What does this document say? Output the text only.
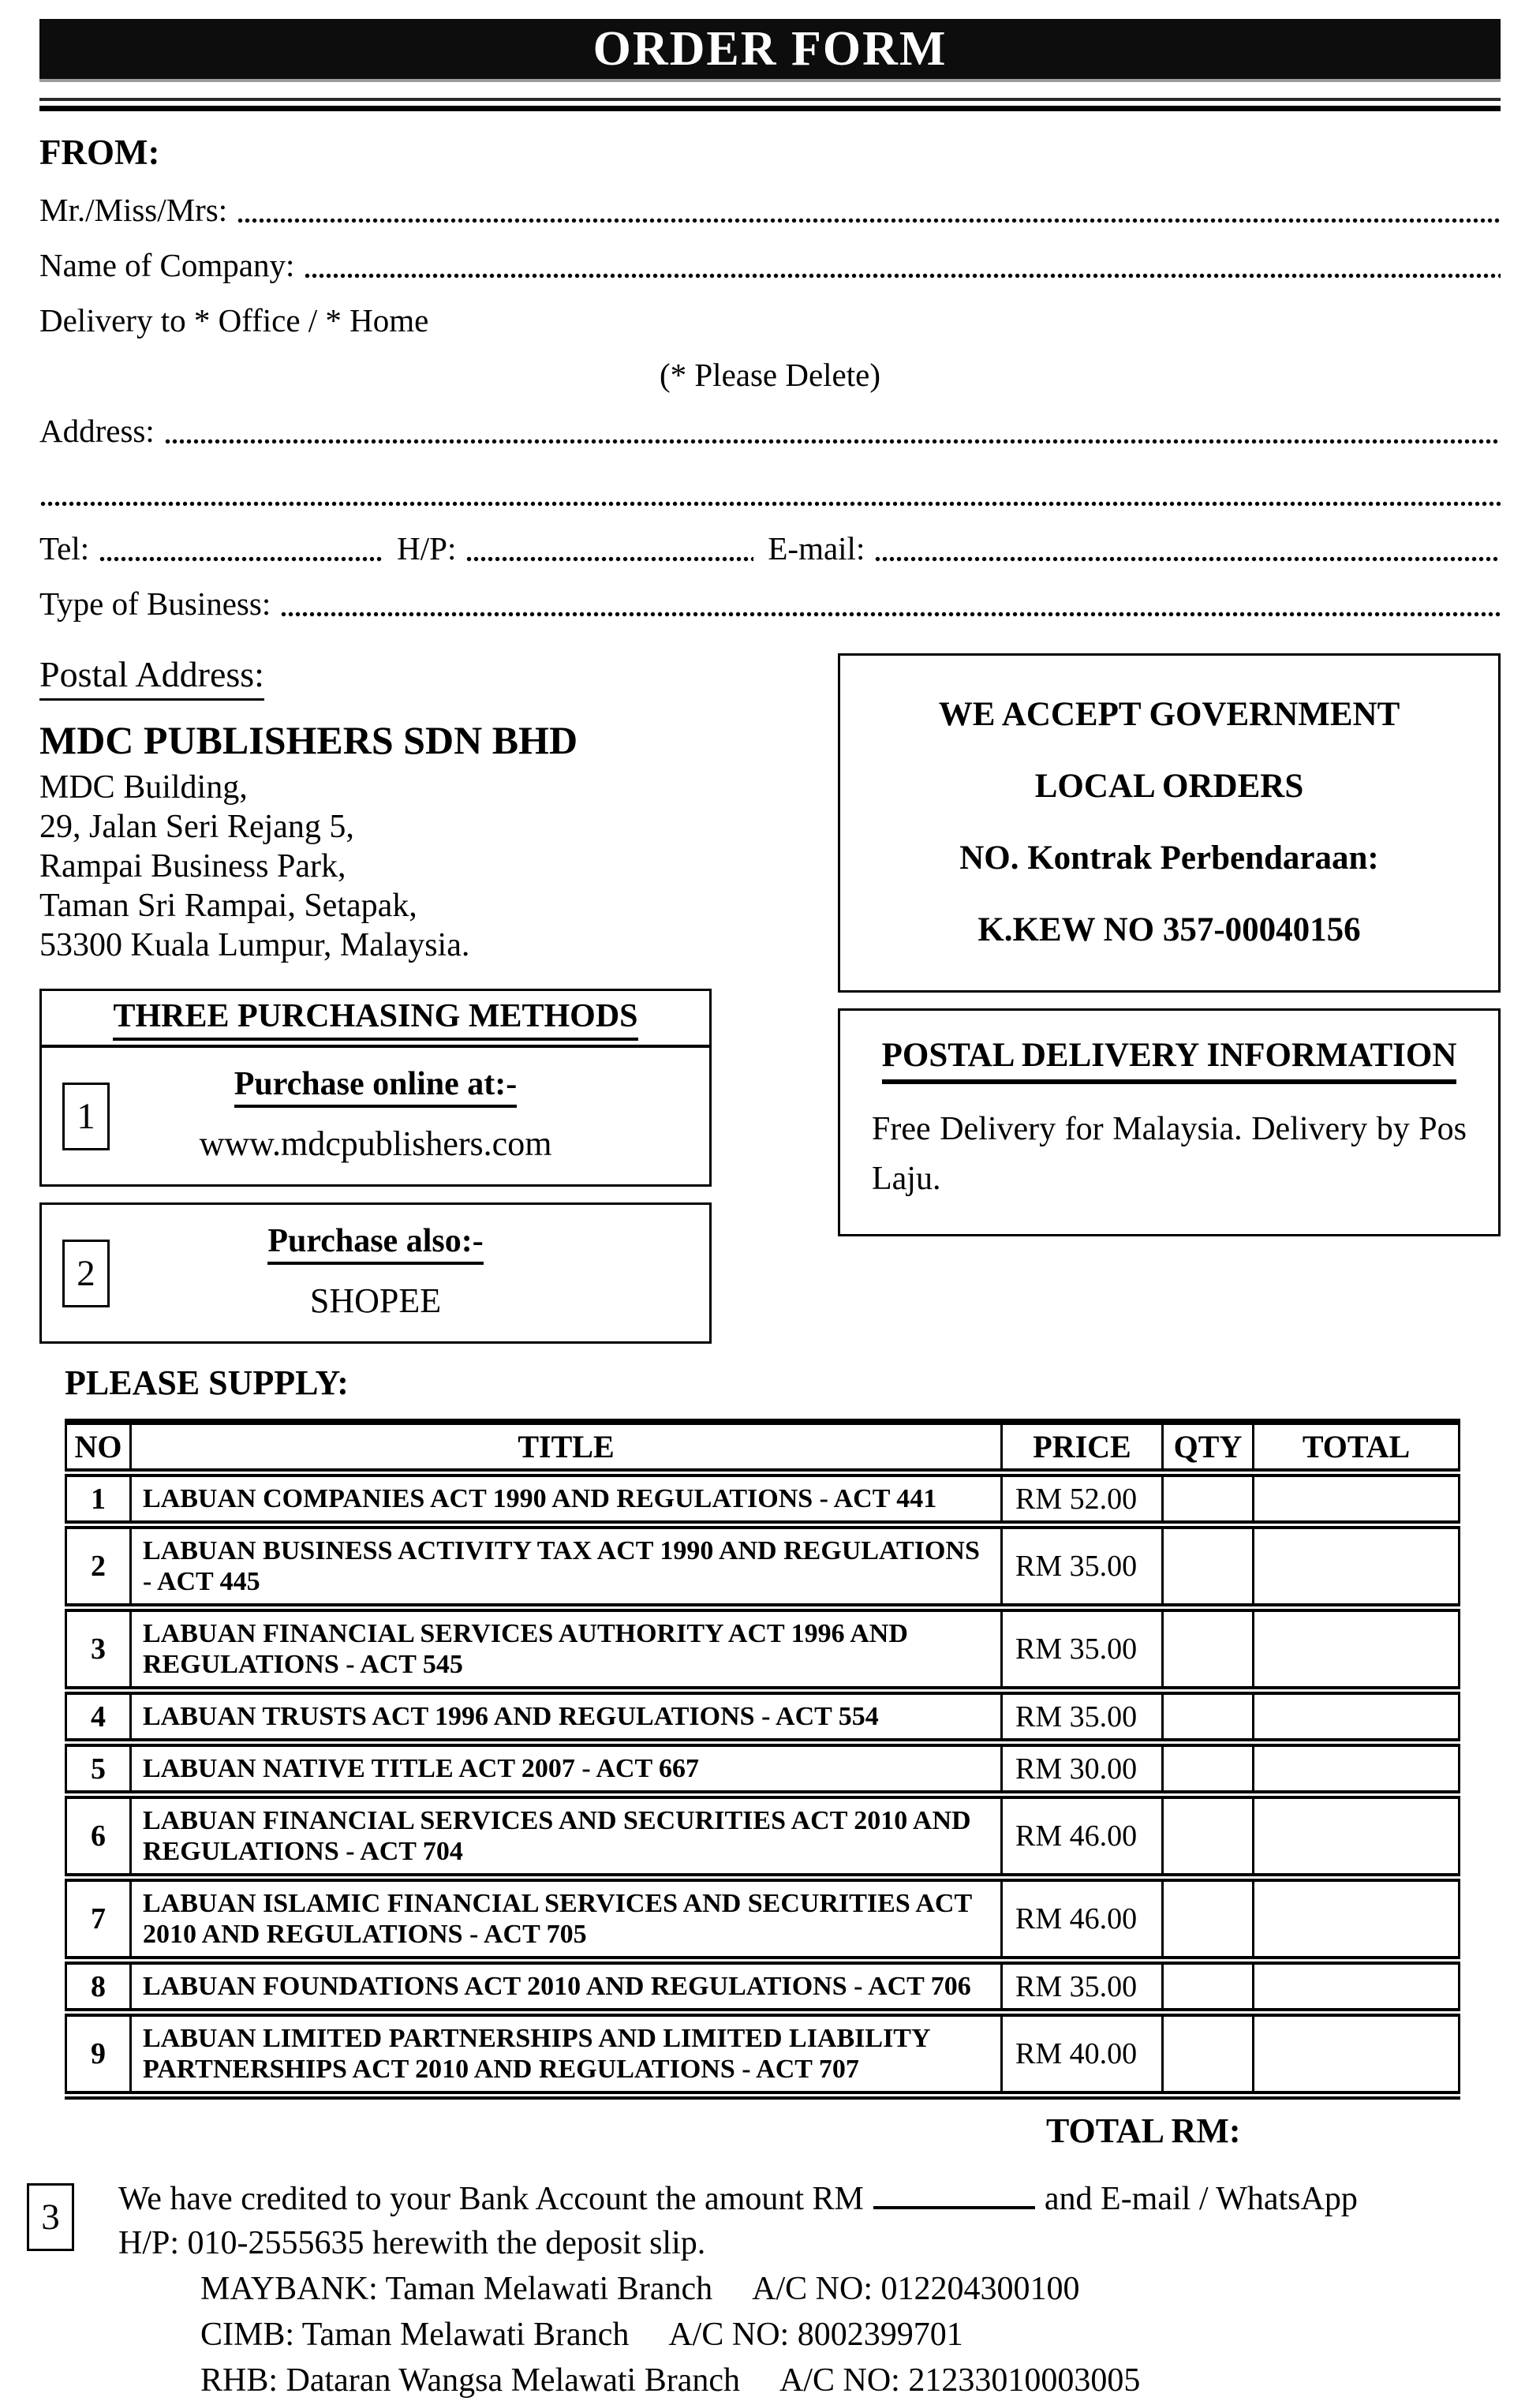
ORDER FORM
FROM:
Mr./Miss/Mrs:
Name of Company:
Delivery to * Office / * Home
(* Please Delete)
Address:
Tel:	H/P:	E-mail:
Type of Business:
Postal Address:
MDC PUBLISHERS SDN BHD
MDC Building,
29, Jalan Seri Rejang 5,
Rampai Business Park,
Taman Sri Rampai, Setapak,
53300 Kuala Lumpur, Malaysia.
THREE PURCHASING METHODS
1
Purchase online at:-
www.mdcpublishers.com
2
Purchase also:-
SHOPEE
WE ACCEPT GOVERNMENT
LOCAL ORDERS
NO. Kontrak Perbendaraan:
K.KEW NO 357-00040156
POSTAL DELIVERY INFORMATION
Free Delivery for Malaysia. Delivery by Pos Laju.
PLEASE SUPPLY:
NO	TITLE	PRICE	QTY	TOTAL
1	LABUAN COMPANIES ACT 1990 AND REGULATIONS - ACT 441	RM 52.00		
2	LABUAN BUSINESS ACTIVITY TAX ACT 1990 AND REGULATIONS - ACT 445	RM 35.00		
3	LABUAN FINANCIAL SERVICES AUTHORITY ACT 1996 AND REGULATIONS - ACT 545	RM 35.00		
4	LABUAN TRUSTS ACT 1996 AND REGULATIONS - ACT 554	RM 35.00		
5	LABUAN NATIVE TITLE ACT 2007 - ACT 667	RM 30.00		
6	LABUAN FINANCIAL SERVICES AND SECURITIES ACT 2010 AND REGULATIONS - ACT 704	RM 46.00		
7	LABUAN ISLAMIC FINANCIAL SERVICES AND SECURITIES ACT 2010 AND REGULATIONS - ACT 705	RM 46.00		
8	LABUAN FOUNDATIONS ACT 2010 AND REGULATIONS - ACT 706	RM 35.00		
9	LABUAN LIMITED PARTNERSHIPS AND LIMITED LIABILITY PARTNERSHIPS ACT 2010 AND REGULATIONS - ACT 707	RM 40.00		
		TOTAL RM:		
3 We have credited to your Bank Account the amount RM	and E-mail / WhatsApp
H/P: 010-2555635 herewith the deposit slip.
MAYBANK: Taman Melawati Branch A/C NO: 012204300100
CIMB: Taman Melawati Branch A/C NO: 8002399701
RHB: Dataran Wangsa Melawati Branch A/C NO: 21233010003005
